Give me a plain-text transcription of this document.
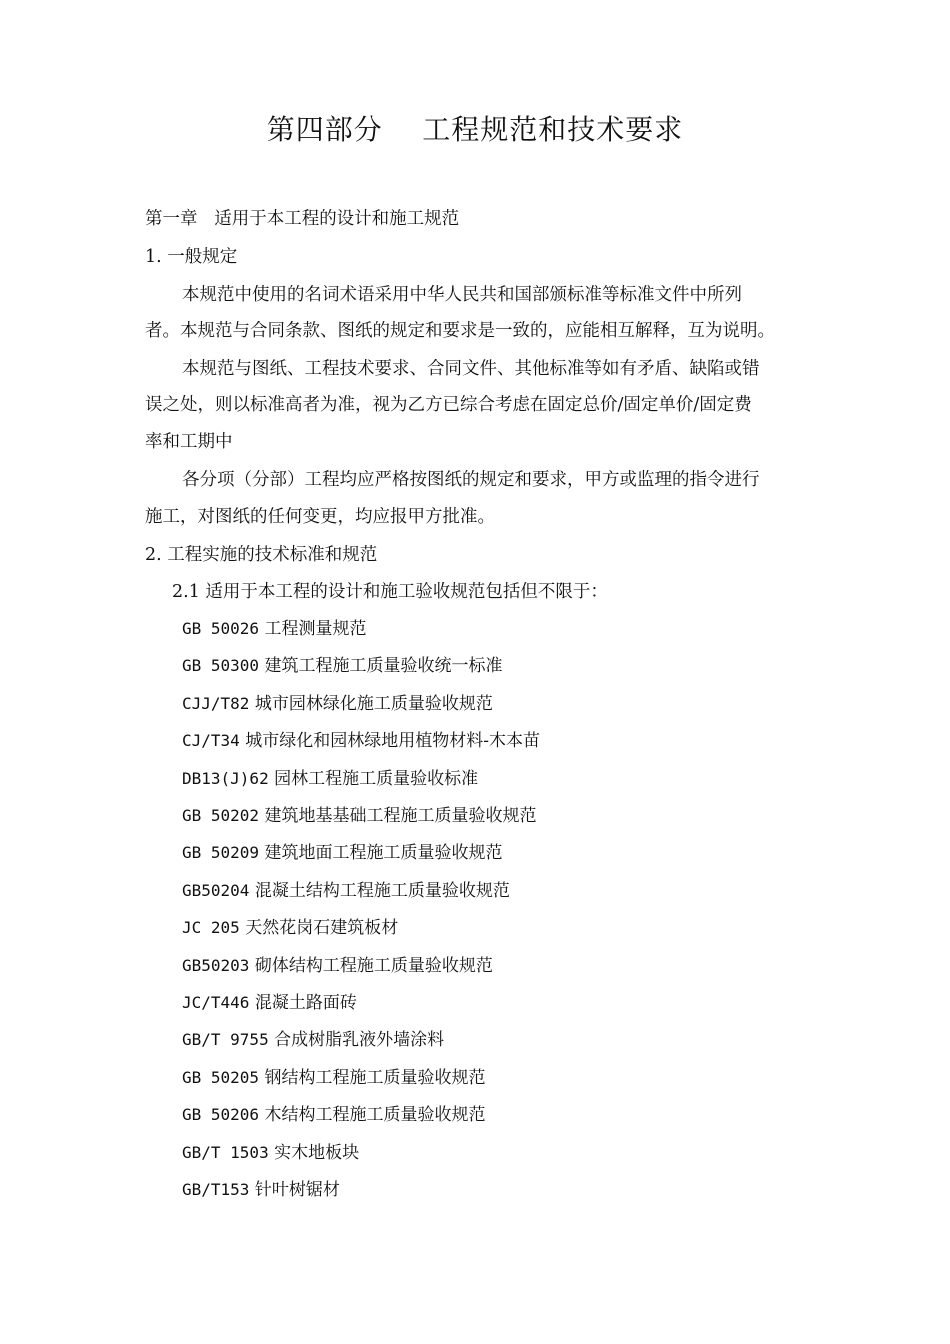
第四部分    工程规范和技术要求
第一章   适用于本工程的设计和施工规范
1. 一般规定
本规范中使用的名词术语采用中华人民共和国部颁标准等标准文件中所列
者。本规范与合同条款、图纸的规定和要求是一致的，应能相互解释，互为说明。
本规范与图纸、工程技术要求、合同文件、其他标准等如有矛盾、缺陷或错
误之处，则以标准高者为准，视为乙方已综合考虑在固定总价/固定单价/固定费
率和工期中
各分项（分部）工程均应严格按图纸的规定和要求，甲方或监理的指令进行
施工，对图纸的任何变更，均应报甲方批准。
2. 工程实施的技术标准和规范
2.1 适用于本工程的设计和施工验收规范包括但不限于：
GB 50026 工程测量规范
GB 50300 建筑工程施工质量验收统一标准
CJJ/T82 城市园林绿化施工质量验收规范
CJ/T34 城市绿化和园林绿地用植物材料-木本苗
DB13(J)62 园林工程施工质量验收标准
GB 50202 建筑地基基础工程施工质量验收规范
GB 50209 建筑地面工程施工质量验收规范
GB50204 混凝土结构工程施工质量验收规范
JC 205 天然花岗石建筑板材
GB50203 砌体结构工程施工质量验收规范
JC/T446 混凝土路面砖
GB/T 9755 合成树脂乳液外墙涂料
GB 50205 钢结构工程施工质量验收规范
GB 50206 木结构工程施工质量验收规范
GB/T 1503 实木地板块
GB/T153 针叶树锯材
